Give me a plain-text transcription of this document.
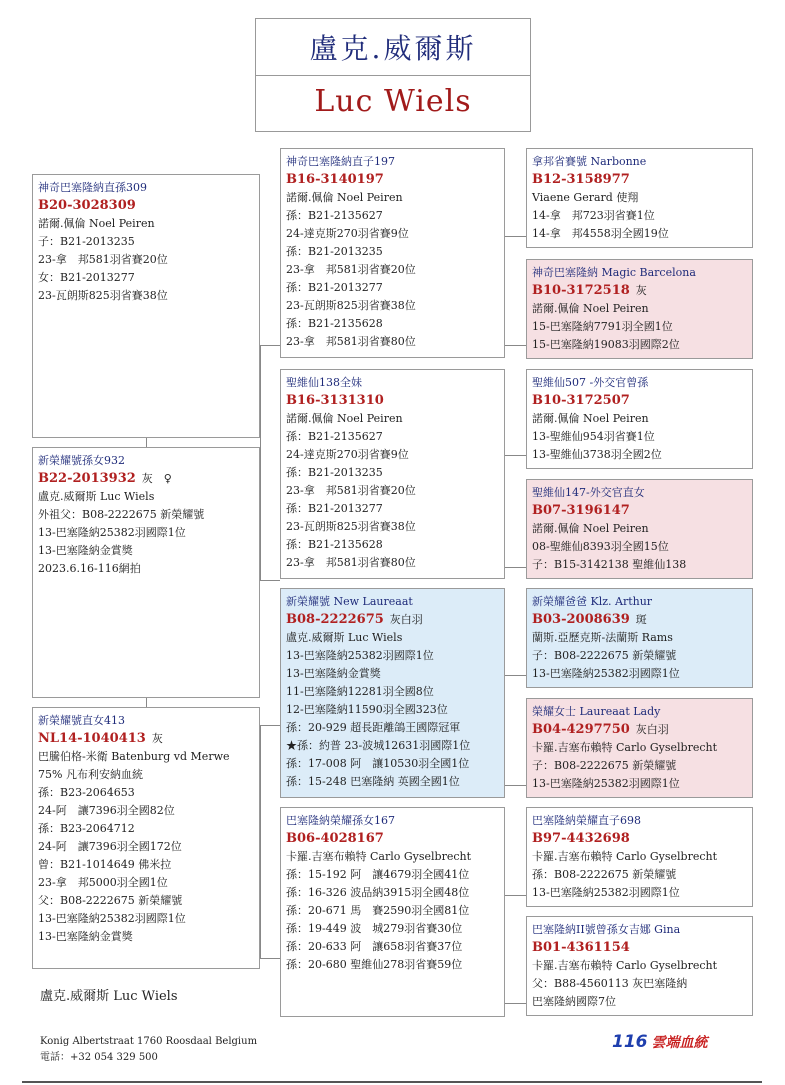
盧克.威爾斯
Luc Wiels
神奇巴塞隆納直孫309
B20-3028309
諾爾.佩倫 Noel Peiren
子：B21-2013235
23-拿　邦581羽省賽20位
女：B21-2013277
23-瓦朗斯825羽省賽38位
新榮耀號孫女932
B22-2013932 灰　♀
盧克.威爾斯 Luc Wiels
外祖父：B08-2222675 新榮耀號
13-巴塞隆納25382羽國際1位
13-巴塞隆納金賞獎
2023.6.16-116網拍
新榮耀號直女413
NL14-1040413 灰
巴騰伯格-米衛 Batenburg vd Merwe
75% 凡布利安納血統
孫：B23-2064653
24-阿　讓7396羽全國82位
孫：B23-2064712
24-阿　讓7396羽全國172位
曾：B21-1014649 佛米拉
23-拿　邦5000羽全國1位
父：B08-2222675 新榮耀號
13-巴塞隆納25382羽國際1位
13-巴塞隆納金賞獎
神奇巴塞隆納直子197
B16-3140197
諾爾.佩倫 Noel Peiren
孫：B21-2135627
24-達克斯270羽省賽9位
孫：B21-2013235
23-拿　邦581羽省賽20位
孫：B21-2013277
23-瓦朗斯825羽省賽38位
孫：B21-2135628
23-拿　邦581羽省賽80位
聖維仙138全妹
B16-3131310
諾爾.佩倫 Noel Peiren
孫：B21-2135627
24-達克斯270羽省賽9位
孫：B21-2013235
23-拿　邦581羽省賽20位
孫：B21-2013277
23-瓦朗斯825羽省賽38位
孫：B21-2135628
23-拿　邦581羽省賽80位
新榮耀號 New Laureaat
B08-2222675 灰白羽
盧克.威爾斯 Luc Wiels
13-巴塞隆納25382羽國際1位
13-巴塞隆納金賞獎
11-巴塞隆納12281羽全國8位
12-巴塞隆納11590羽全國323位
孫：20-929 超長距離鴿王國際冠軍
★孫：約普 23-波城12631羽國際1位
孫：17-008 阿　讓10530羽全國1位
孫：15-248 巴塞隆納 英國全國1位
巴塞隆納榮耀孫女167
B06-4028167
卡羅.吉塞布賴特 Carlo Gyselbrecht
孫：15-192 阿　讓4679羽全國41位
孫：16-326 波品納3915羽全國48位
孫：20-671 馬　賽2590羽全國81位
孫：19-449 波　城279羽省賽30位
孫：20-633 阿　讓658羽省賽37位
孫：20-680 聖維仙278羽省賽59位
拿邦省賽號 Narbonne
B12-3158977
Viaene Gerard 使翔
14-拿　邦723羽省賽1位
14-拿　邦4558羽全國19位
神奇巴塞隆納 Magic Barcelona
B10-3172518 灰
諾爾.佩倫 Noel Peiren
15-巴塞隆納7791羽全國1位
15-巴塞隆納19083羽國際2位
聖維仙507 -外交官曾孫
B10-3172507
諾爾.佩倫 Noel Peiren
13-聖維仙954羽省賽1位
13-聖維仙3738羽全國2位
聖維仙147-外交官直女
B07-3196147
諾爾.佩倫 Noel Peiren
08-聖維仙8393羽全國15位
子：B15-3142138 聖維仙138
新榮耀爸爸 Klz. Arthur
B03-2008639 斑
蘭斯.亞歷克斯-法蘭斯 Rams
子：B08-2222675 新榮耀號
13-巴塞隆納25382羽國際1位
榮耀女士 Laureaat Lady
B04-4297750 灰白羽
卡羅.吉塞布賴特 Carlo Gyselbrecht
子：B08-2222675 新榮耀號
13-巴塞隆納25382羽國際1位
巴塞隆納榮耀直子698
B97-4432698
卡羅.吉塞布賴特 Carlo Gyselbrecht
孫：B08-2222675 新榮耀號
13-巴塞隆納25382羽國際1位
巴塞隆納II號曾孫女吉娜 Gina
B01-4361154
卡羅.吉塞布賴特 Carlo Gyselbrecht
父：B88-4560113 灰巴塞隆納
巴塞隆納國際7位
盧克.威爾斯 Luc Wiels
Konig Albertstraat 1760 Roosdaal Belgium
電話：+32 054 329 500
116 雲端血統
